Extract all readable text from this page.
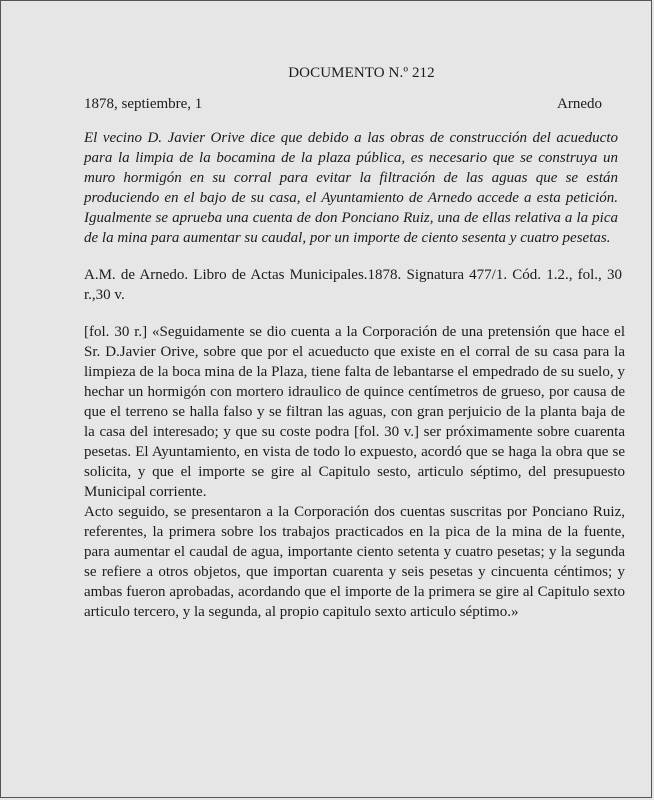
DOCUMENTO N.º 212
1878, septiembre, 1	Arnedo
El vecino D. Javier Orive dice que debido a las obras de construcción del acueducto para la limpia de la bocamina de la plaza pública, es necesario que se construya un muro hormigón en su corral para evitar la filtración de las aguas que se están produciendo en el bajo de su casa, el Ayuntamiento de Arnedo accede a esta petición. Igualmente se aprueba una cuenta de don Ponciano Ruiz, una de ellas relativa a la pica de la mina para aumentar su caudal, por un importe de ciento sesenta y cuatro pesetas.
A.M. de Arnedo. Libro de Actas Municipales.1878. Signatura 477/1. Cód. 1.2., fol., 30 r.,30 v.

[fol. 30 r.] «Seguidamente se dio cuenta a la Corporación de una pretensión que hace el Sr. D.Javier Orive, sobre que por el acueducto que existe en el corral de su casa para la limpieza de la boca mina de la Plaza, tiene falta de lebantarse el empedrado de su suelo, y hechar un hormigón con mortero idraulico de quince centímetros de grueso, por causa de que el terreno se halla falso y se filtran las aguas, con gran perjuicio de la planta baja de la casa del interesado; y que su coste podra [fol. 30 v.] ser próximamente sobre cuarenta pesetas. El Ayuntamiento, en vista de todo lo expuesto, acordó que se haga la obra que se solicita, y que el importe se gire al Capitulo sesto, articulo séptimo, del presupuesto Municipal corriente.

Acto seguido, se presentaron a la Corporación dos cuentas suscritas por Ponciano Ruiz, referentes, la primera sobre los trabajos practicados en la pica de la mina de la fuente, para aumentar el caudal de agua, importante ciento setenta y cuatro pesetas; y la segunda se refiere a otros objetos, que importan cuarenta y seis pesetas y cincuenta céntimos; y ambas fueron aprobadas, acordando que el importe de la primera se gire al Capitulo sexto articulo tercero, y la segunda, al propio capitulo sexto articulo séptimo.»
